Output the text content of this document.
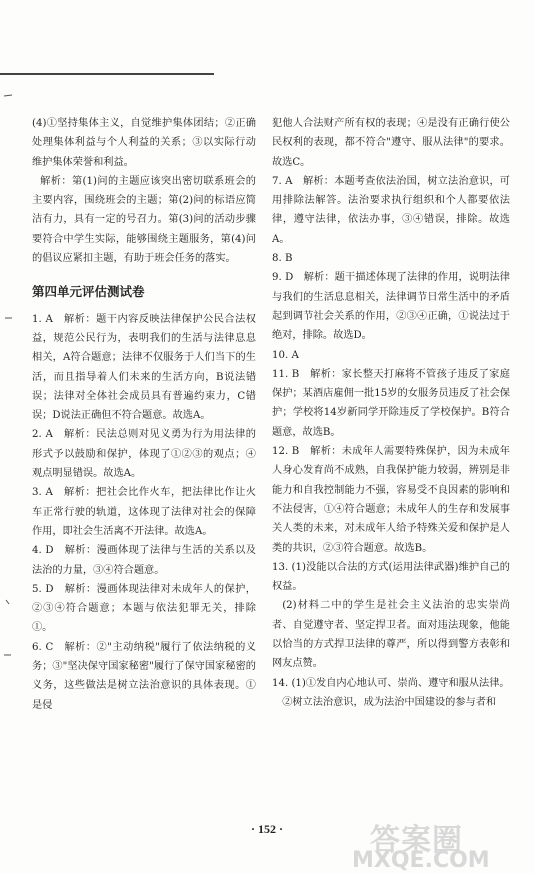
(4)①坚持集体主义，自觉维护集体团结；②正确处理集体利益与个人利益的关系；③以实际行动维护集体荣誉和利益。

解析：第(1)问的主题应该突出密切联系班会的主要内容，围绕班会的主题；第(2)问的标语应简洁有力，具有一定的号召力。第(3)问的活动步骤要符合中学生实际，能够围绕主题服务，第(4)问的倡议应紧扣主题，有助于班会任务的落实。

第四单元评估测试卷

1. A　解析：题干内容反映法律保护公民合法权益，规范公民行为，表明我们的生活与法律息息相关，A符合题意；法律不仅服务于人们当下的生活，而且指导着人们未来的生活方向，B说法错误；法律对全体社会成员具有普遍约束力，C错误；D说法正确但不符合题意。故选A。

2. A　解析：民法总则对见义勇为行为用法律的形式予以鼓励和保护，体现了①②③的观点；④观点明显错误。故选A。

3. A　解析：把社会比作火车，把法律比作让火车正常行驶的轨道，这体现了法律对社会的保障作用，即社会生活离不开法律。故选A。

4. D　解析：漫画体现了法律与生活的关系以及法治的力量，③④符合题意。

5. D　解析：漫画体现法律对未成年人的保护，②③④符合题意；本题与依法犯罪无关，排除①。

6. C　解析：②"主动纳税"履行了依法纳税的义务；③"坚决保守国家秘密"履行了保守国家秘密的义务，这些做法是树立法治意识的具体表现。①是侵

犯他人合法财产所有权的表现；④是没有正确行使公民权利的表现，都不符合"遵守、服从法律"的要求。故选C。

7. A　解析：本题考查依法治国，树立法治意识，可用排除法解答。法治要求执行组织和个人都要依法律，遵守法律，依法办事，③④错误，排除。故选A。

8. B

9. D　解析：题干描述体现了法律的作用，说明法律与我们的生活息息相关，法律调节日常生活中的矛盾起到调节社会关系的作用，②③④正确，①说法过于绝对，排除。故选D。

10. A

11. B　解析：家长整天打麻将不管孩子违反了家庭保护；某酒店雇佣一批15岁的女服务员违反了社会保护；学校将14岁新同学开除违反了学校保护。B符合题意，故选B。

12. B　解析：未成年人需要特殊保护，因为未成年人身心发育尚不成熟，自我保护能力较弱，辨别是非能力和自我控制能力不强，容易受不良因素的影响和不法侵害，①④符合题意；未成年人的生存和发展事关人类的未来，对未成年人给予特殊关爱和保护是人类的共识，②③符合题意。故选B。

13. (1)没能以合法的方式(运用法律武器)维护自己的权益。

(2)材料二中的学生是社会主义法治的忠实崇尚者、自觉遵守者、坚定捍卫者。面对违法现象，他能以恰当的方式捍卫法律的尊严，所以得到警方表彰和网友点赞。

14. (1)①发自内心地认可、崇尚、遵守和服从法律。

②树立法治意识，成为法治中国建设的参与者和

· 152 ·	答案圈
MXQE.COM
